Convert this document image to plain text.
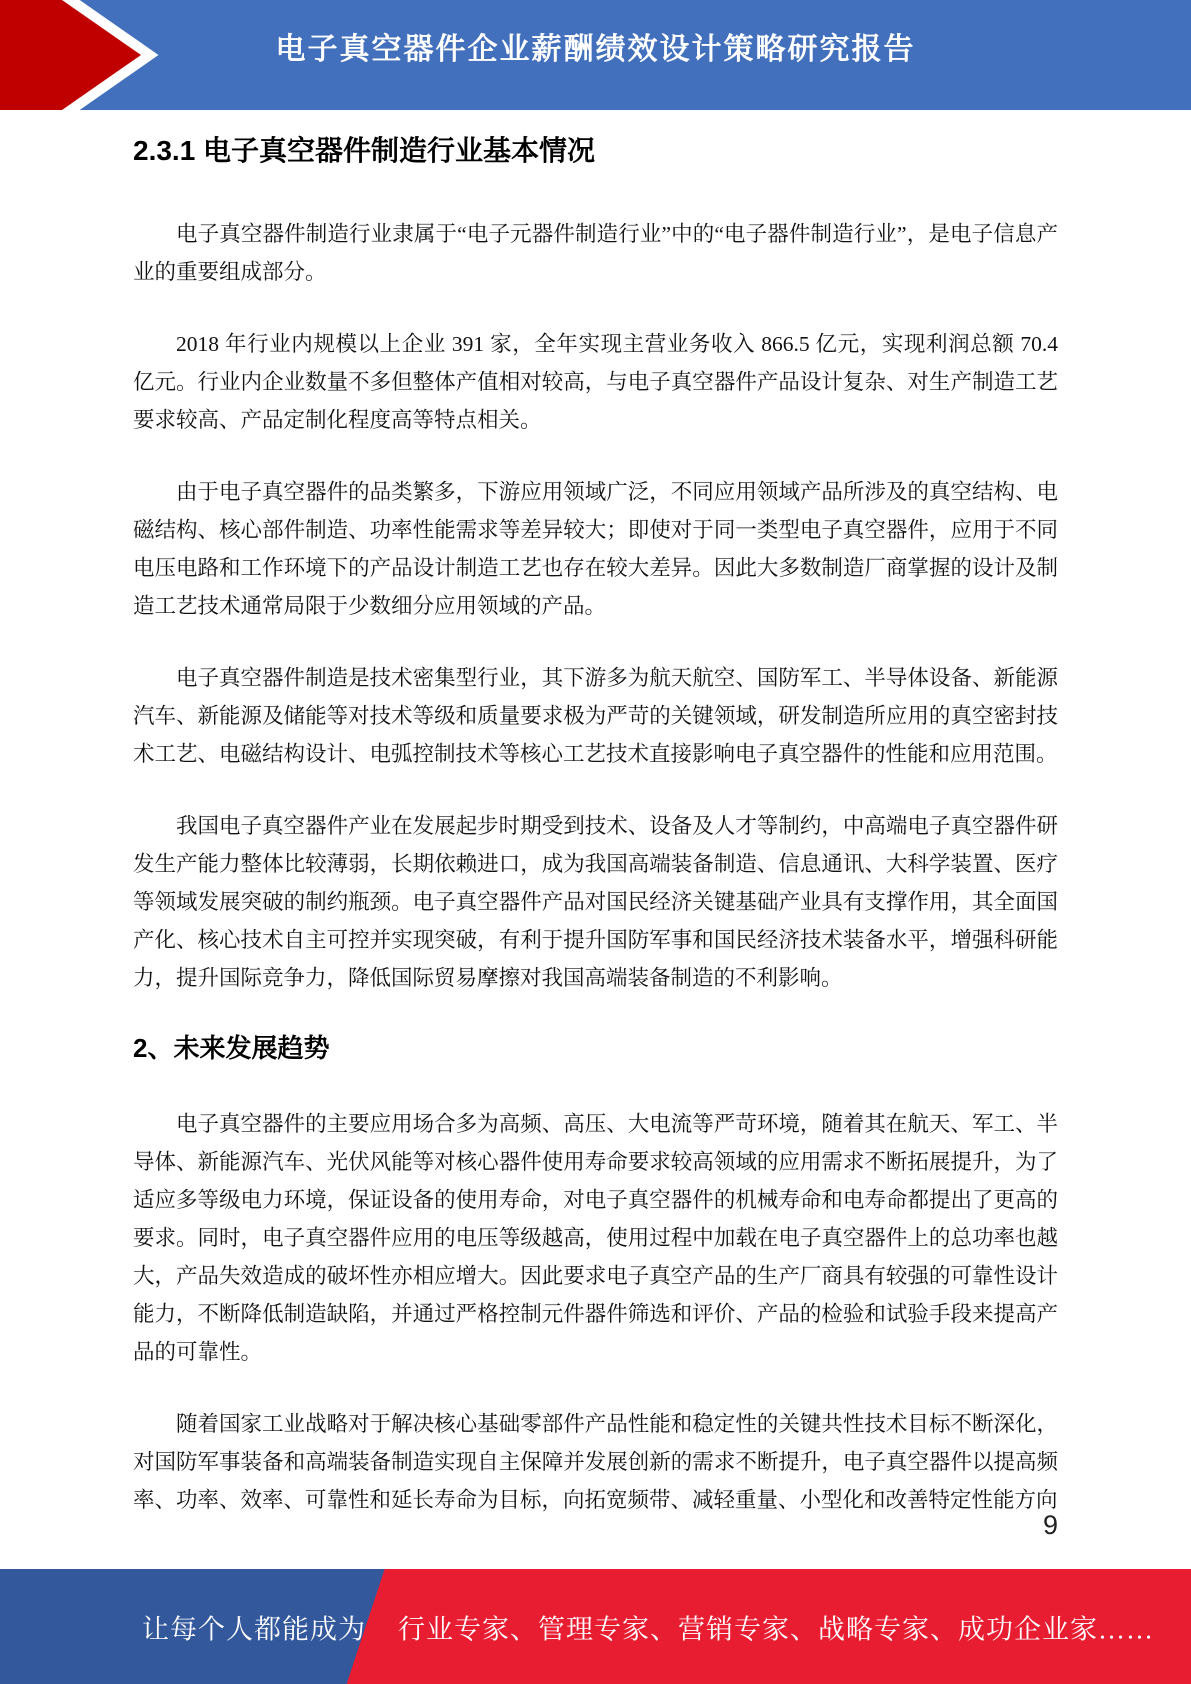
电子真空器件企业薪酬绩效设计策略研究报告
2.3.1 电子真空器件制造行业基本情况

电子真空器件制造行业隶属于“电子元器件制造行业”中的“电子器件制造行业”，是电子信息产业的重要组成部分。

2018 年行业内规模以上企业 391 家，全年实现主营业务收入 866.5 亿元，实现利润总额 70.4 亿元。行业内企业数量不多但整体产值相对较高，与电子真空器件产品设计复杂、对生产制造工艺要求较高、产品定制化程度高等特点相关。

由于电子真空器件的品类繁多，下游应用领域广泛，不同应用领域产品所涉及的真空结构、电磁结构、核心部件制造、功率性能需求等差异较大；即使对于同一类型电子真空器件，应用于不同电压电路和工作环境下的产品设计制造工艺也存在较大差异。因此大多数制造厂商掌握的设计及制造工艺技术通常局限于少数细分应用领域的产品。

电子真空器件制造是技术密集型行业，其下游多为航天航空、国防军工、半导体设备、新能源汽车、新能源及储能等对技术等级和质量要求极为严苛的关键领域，研发制造所应用的真空密封技术工艺、电磁结构设计、电弧控制技术等核心工艺技术直接影响电子真空器件的性能和应用范围。

我国电子真空器件产业在发展起步时期受到技术、设备及人才等制约，中高端电子真空器件研发生产能力整体比较薄弱，长期依赖进口，成为我国高端装备制造、信息通讯、大科学装置、医疗等领域发展突破的制约瓶颈。电子真空器件产品对国民经济关键基础产业具有支撑作用，其全面国产化、核心技术自主可控并实现突破，有利于提升国防军事和国民经济技术装备水平，增强科研能力，提升国际竞争力，降低国际贸易摩擦对我国高端装备制造的不利影响。

2、未来发展趋势

电子真空器件的主要应用场合多为高频、高压、大电流等严苛环境，随着其在航天、军工、半导体、新能源汽车、光伏风能等对核心器件使用寿命要求较高领域的应用需求不断拓展提升，为了适应多等级电力环境，保证设备的使用寿命，对电子真空器件的机械寿命和电寿命都提出了更高的要求。同时，电子真空器件应用的电压等级越高，使用过程中加载在电子真空器件上的总功率也越大，产品失效造成的破坏性亦相应增大。因此要求电子真空产品的生产厂商具有较强的可靠性设计能力，不断降低制造缺陷，并通过严格控制元件器件筛选和评价、产品的检验和试验手段来提高产品的可靠性。

随着国家工业战略对于解决核心基础零部件产品性能和稳定性的关键共性技术目标不断深化，对国防军事装备和高端装备制造实现自主保障并发展创新的需求不断提升，电子真空器件以提高频率、功率、效率、可靠性和延长寿命为目标，向拓宽频带、减轻重量、小型化和改善特定性能方向

9
让每个人都能成为 行业专家、管理专家、营销专家、战略专家、成功企业家……
